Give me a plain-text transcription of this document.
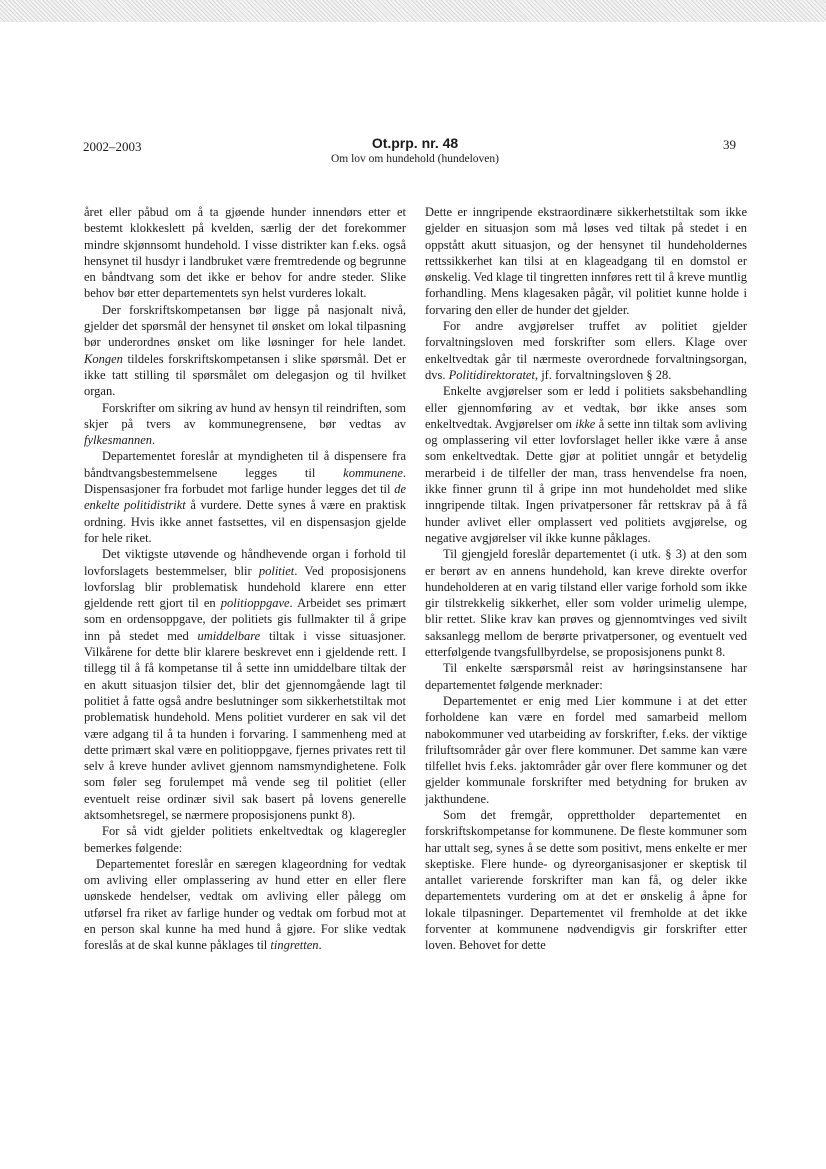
2002–2003	Ot.prp. nr. 48
Om lov om hundehold (hundeloven)
39

året eller påbud om å ta gjøende hunder innendørs etter et bestemt klokkeslett på kvelden, særlig der det forekommer mindre skjønnsomt hundehold. I visse distrikter kan f.eks. også hensynet til husdyr i landbruket være fremtredende og begrunne en båndtvang som det ikke er behov for andre steder. Slike behov bør etter departementets syn helst vurderes lokalt.

Der forskriftskompetansen bør ligge på nasjonalt nivå, gjelder det spørsmål der hensynet til ønsket om lokal tilpasning bør underordnes ønsket om like løsninger for hele landet. Kongen tildeles forskriftskompetansen i slike spørsmål. Det er ikke tatt stilling til spørsmålet om delegasjon og til hvilket organ.

Forskrifter om sikring av hund av hensyn til reindriften, som skjer på tvers av kommunegrensene, bør vedtas av fylkesmannen.

Departementet foreslår at myndigheten til å dispensere fra båndtvangsbestemmelsene legges til kommunene. Dispensasjoner fra forbudet mot farlige hunder legges det til de enkelte politidistrikt å vurdere. Dette synes å være en praktisk ordning. Hvis ikke annet fastsettes, vil en dispensasjon gjelde for hele riket.

Det viktigste utøvende og håndhevende organ i forhold til lovforslagets bestemmelser, blir politiet. Ved proposisjonens lovforslag blir problematisk hundehold klarere enn etter gjeldende rett gjort til en politioppgave. Arbeidet ses primært som en ordensoppgave, der politiets gis fullmakter til å gripe inn på stedet med umiddelbare tiltak i visse situasjoner. Vilkårene for dette blir klarere beskrevet enn i gjeldende rett. I tillegg til å få kompetanse til å sette inn umiddelbare tiltak der en akutt situasjon tilsier det, blir det gjennomgående lagt til politiet å fatte også andre beslutninger som sikkerhetstiltak mot problematisk hundehold. Mens politiet vurderer en sak vil det være adgang til å ta hunden i forvaring. I sammenheng med at dette primært skal være en politioppgave, fjernes privates rett til selv å kreve hunder avlivet gjennom namsmyndighetene. Folk som føler seg forulempet må vende seg til politiet (eller eventuelt reise ordinær sivil sak basert på lovens generelle aktsomhetsregel, se nærmere proposisjonens punkt 8).

For så vidt gjelder politiets enkeltvedtak og klageregler bemerkes følgende:

Departementet foreslår en særegen klageordning for vedtak om avliving eller omplassering av hund etter en eller flere uønskede hendelser, vedtak om avliving eller pålegg om utførsel fra riket av farlige hunder og vedtak om forbud mot at en person skal kunne ha med hund å gjøre. For slike vedtak foreslås at de skal kunne påklages til tingretten.

Dette er inngripende ekstraordinære sikkerhetstiltak som ikke gjelder en situasjon som må løses ved tiltak på stedet i en oppstått akutt situasjon, og der hensynet til hundeholdernes rettssikkerhet kan tilsi at en klageadgang til en domstol er ønskelig. Ved klage til tingretten innføres rett til å kreve muntlig forhandling. Mens klagesaken pågår, vil politiet kunne holde i forvaring den eller de hunder det gjelder.

For andre avgjørelser truffet av politiet gjelder forvaltningsloven med forskrifter som ellers. Klage over enkeltvedtak går til nærmeste overordnede forvaltningsorgan, dvs. Politidirektoratet, jf. forvaltningsloven § 28.

Enkelte avgjørelser som er ledd i politiets saksbehandling eller gjennomføring av et vedtak, bør ikke anses som enkeltvedtak. Avgjørelser om ikke å sette inn tiltak som avliving og omplassering vil etter lovforslaget heller ikke være å anse som enkeltvedtak. Dette gjør at politiet unngår et betydelig merarbeid i de tilfeller der man, trass henvendelse fra noen, ikke finner grunn til å gripe inn mot hundeholdet med slike inngripende tiltak. Ingen privatpersoner får rettskrav på å få hunder avlivet eller omplassert ved politiets avgjørelse, og negative avgjørelser vil ikke kunne påklages.

Til gjengjeld foreslår departementet (i utk. § 3) at den som er berørt av en annens hundehold, kan kreve direkte overfor hundeholderen at en varig tilstand eller varige forhold som ikke gir tilstrekkelig sikkerhet, eller som volder urimelig ulempe, blir rettet. Slike krav kan prøves og gjennomtvinges ved sivilt saksanlegg mellom de berørte privatpersoner, og eventuelt ved etterfølgende tvangsfullbyrdelse, se proposisjonens punkt 8.

Til enkelte særspørsmål reist av høringsinstansene har departementet følgende merknader:

Departementet er enig med Lier kommune i at det etter forholdene kan være en fordel med samarbeid mellom nabokommuner ved utarbeiding av forskrifter, f.eks. der viktige friluftsområder går over flere kommuner. Det samme kan være tilfellet hvis f.eks. jaktområder går over flere kommuner og det gjelder kommunale forskrifter med betydning for bruken av jakthundene.

Som det fremgår, opprettholder departementet en forskriftskompetanse for kommunene. De fleste kommuner som har uttalt seg, synes å se dette som positivt, mens enkelte er mer skeptiske. Flere hunde- og dyreorganisasjoner er skeptisk til antallet varierende forskrifter man kan få, og deler ikke departementets vurdering om at det er ønskelig å åpne for lokale tilpasninger. Departementet vil fremholde at det ikke forventer at kommunene nødvendigvis gir forskrifter etter loven. Behovet for dette
